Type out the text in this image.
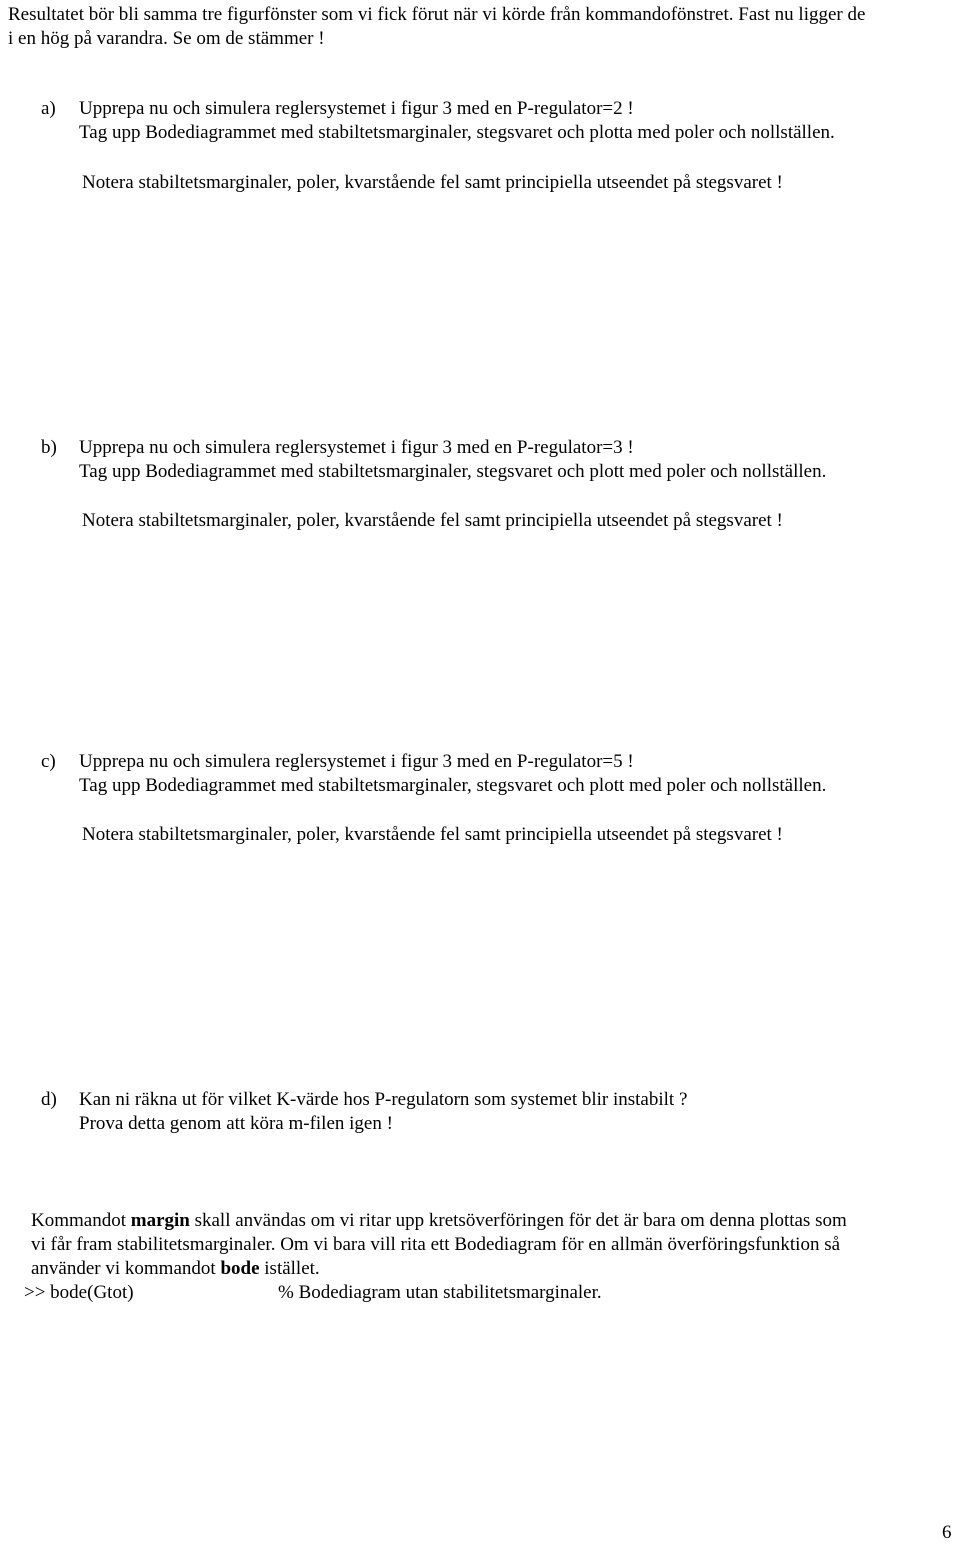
Resultatet bör bli samma tre figurfönster som vi fick förut när vi körde från kommandofönstret. Fast nu ligger de
i en hög på varandra. Se om de stämmer !
a) Upprepa nu och simulera reglersystemet i figur 3 med en P-regulator=2 !
Tag upp Bodediagrammet med stabiltetsmarginaler, stegsvaret och plotta med poler och nollställen.
Notera stabiltetsmarginaler, poler, kvarstående fel samt principiella utseendet på stegsvaret !
b) Upprepa nu och simulera reglersystemet i figur 3 med en P-regulator=3 !
Tag upp Bodediagrammet med stabiltetsmarginaler, stegsvaret och plott med poler och nollställen.
Notera stabiltetsmarginaler, poler, kvarstående fel samt principiella utseendet på stegsvaret !
c) Upprepa nu och simulera reglersystemet i figur 3 med en P-regulator=5 !
Tag upp Bodediagrammet med stabiltetsmarginaler, stegsvaret och plott med poler och nollställen.
Notera stabiltetsmarginaler, poler, kvarstående fel samt principiella utseendet på stegsvaret !
d) Kan ni räkna ut för vilket K-värde hos P-regulatorn som systemet blir instabilt ?
Prova detta genom att köra m-filen igen !
Kommandot margin skall användas om vi ritar upp kretsöverföringen för det är bara om denna plottas som
vi får fram stabilitetsmarginaler. Om vi bara vill rita ett Bodediagram för en allmän överföringsfunktion så
använder vi kommandot bode istället.
>> bode(Gtot)	% Bodediagram utan stabilitetsmarginaler.
6
